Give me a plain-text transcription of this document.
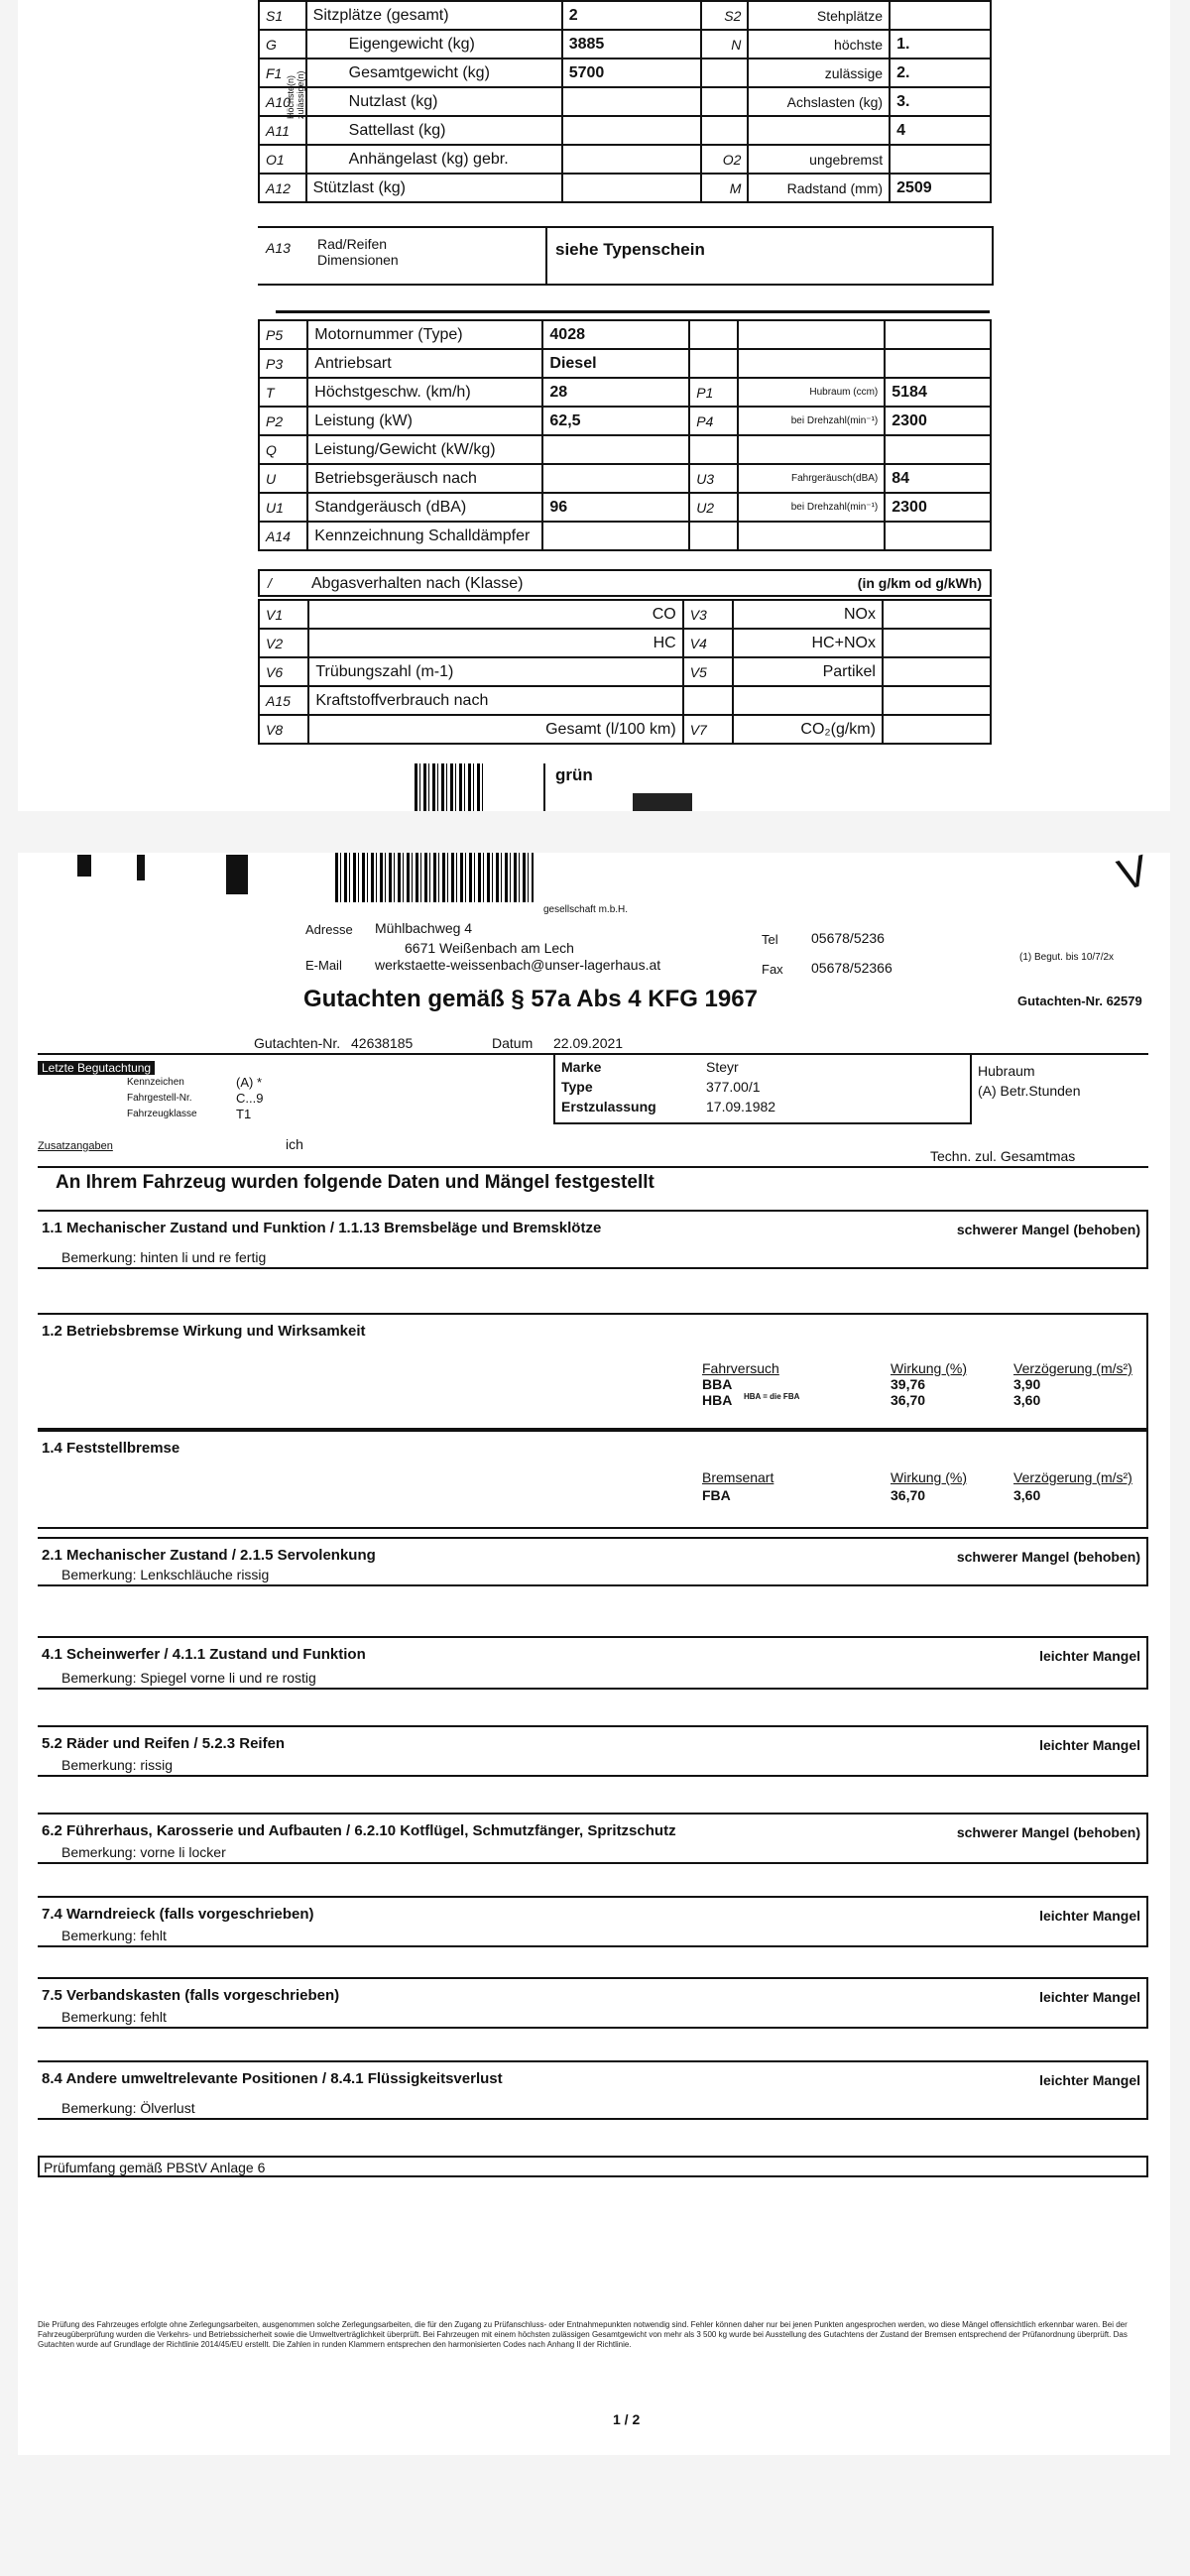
S1	Sitzplätze (gesamt)	2	S2	Stehplätze	
G	Eigengewicht (kg)	3885	N	höchste	1.
F1	Gesamtgewicht (kg)	5700		zulässige	2.
A10	Nutzlast (kg)			Achslasten (kg)	3.
A11	Sattellast (kg)				4
O1	Anhängelast (kg) gebr.		O2	ungebremst	
A12	Stützlast (kg)		M	Radstand (mm)	2509
Höchste(n) zulässige(n)
A13 Rad/Reifen Dimensionen
siehe Typenschein
P5	Motornummer (Type)	4028			
P3	Antriebsart	Diesel			
T	Höchstgeschw. (km/h)	28	P1	Hubraum (ccm)	5184
P2	Leistung (kW)	62,5	P4	bei Drehzahl(min⁻¹)	2300
Q	Leistung/Gewicht (kW/kg)				
U	Betriebsgeräusch nach		U3	Fahrgeräusch(dBA)	84
U1	Standgeräusch (dBA)	96	U2	bei Drehzahl(min⁻¹)	2300
A14	Kennzeichnung Schalldämpfer				
/	Abgasverhalten nach (Klasse)	(in g/km od g/kWh)
V1	CO	V3	NOx	
V2	HC	V4	HC+NOx	
V6	Trübungszahl (m-1)	V5	Partikel	
A15	Kraftstoffverbrauch nach			
V8	Gesamt (l/100 km)	V7	CO₂(g/km)	
grün
V
gesellschaft m.b.H.
Adresse Mühlbachweg 4
6671 Weißenbach am Lech
E-Mail werkstaette-weissenbach@unser-lagerhaus.at
Tel 05678/5236
Fax 05678/52366
(1) Begut. bis 10/7/2x
Gutachten gemäß § 57a Abs 4 KFG 1967	Gutachten-Nr. 62579
Letzte Begutachtung
Gutachten-Nr. 42638185	Datum 22.09.2021
Kennzeichen	(A) *
Fahrgestell-Nr.	C...9
Fahrzeugklasse	T1
Marke	Steyr
Type	377.00/1
Erstzulassung	17.09.1982
Hubraum
(A) Betr.Stunden
Zusatzangaben	ich
Techn. zul. Gesamtmas
An Ihrem Fahrzeug wurden folgende Daten und Mängel festgestellt
1.1 Mechanischer Zustand und Funktion / 1.1.13 Bremsbeläge und Bremsklötze	schwerer Mangel (behoben)
Bemerkung: hinten li und re fertig
1.2 Betriebsbremse Wirkung und Wirksamkeit
1.4 Feststellbremse
2.1 Mechanischer Zustand / 2.1.5 Servolenkung	schwerer Mangel (behoben)
Bemerkung: Lenkschläuche rissig
4.1 Scheinwerfer / 4.1.1 Zustand und Funktion	leichter Mangel
Bemerkung: Spiegel vorne li und re rostig
5.2 Räder und Reifen / 5.2.3 Reifen	leichter Mangel
Bemerkung: rissig
6.2 Führerhaus, Karosserie und Aufbauten / 6.2.10 Kotflügel, Schmutzfänger, Spritzschutz	schwerer Mangel (behoben)
Bemerkung: vorne li locker
7.4 Warndreieck (falls vorgeschrieben)	leichter Mangel
Bemerkung: fehlt
7.5 Verbandskasten (falls vorgeschrieben)	leichter Mangel
Bemerkung: fehlt
8.4 Andere umweltrelevante Positionen / 8.4.1 Flüssigkeitsverlust	leichter Mangel
Bemerkung: Ölverlust
Fahrversuch	Wirkung (%)	Verzögerung (m/s²)
BBA	39,76	3,90
HBA HBA = die FBA	36,70	3,60
Bremsenart	Wirkung (%)	Verzögerung (m/s²)
FBA	36,70	3,60
Prüfumfang gemäß PBStV Anlage 6
Die Prüfung des Fahrzeuges erfolgte ohne Zerlegungsarbeiten, ausgenommen solche Zerlegungsarbeiten, die für den Zugang zu Prüfanschluss- oder Entnahmepunkten notwendig sind. Fehler können daher nur bei jenen Punkten angesprochen werden, wo diese Mängel offensichtlich erkennbar waren. Bei der Fahrzeugüberprüfung wurden die Verkehrs- und Betriebssicherheit sowie die Umweltverträglichkeit überprüft. Bei Fahrzeugen mit einem höchsten zulässigen Gesamtgewicht von mehr als 3 500 kg wurde bei Ausstellung des Gutachtens der Zustand der Bremsen entsprechend der Prüfanordnung überprüft. Das Gutachten wurde auf Grundlage der Richtlinie 2014/45/EU erstellt. Die Zahlen in runden Klammern entsprechen den harmonisierten Codes nach Anhang II der Richtlinie.
1 / 2
